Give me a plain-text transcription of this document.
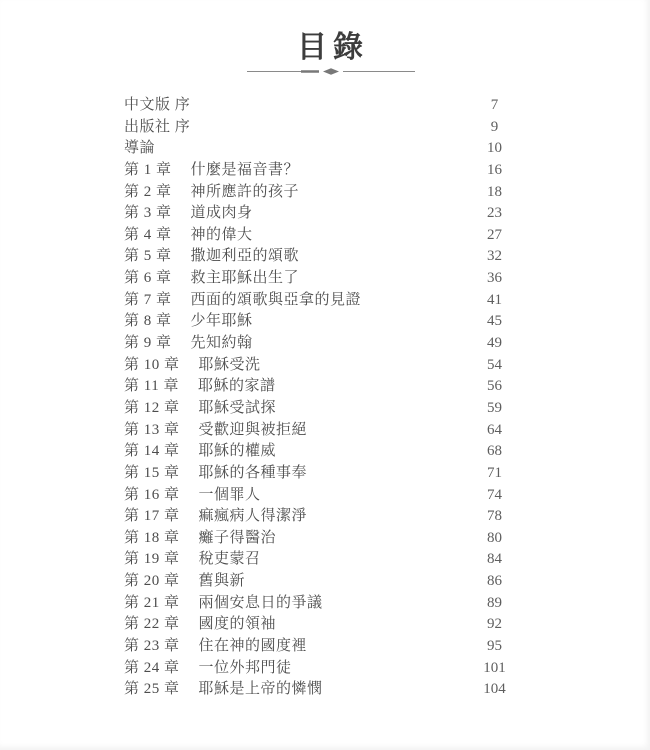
目錄
中文版 序	7
出版社 序	9
導論	10
第 1 章 什麼是福音書？	16
第 2 章 神所應許的孩子	18
第 3 章 道成肉身	23
第 4 章 神的偉大	27
第 5 章 撒迦利亞的頌歌	32
第 6 章 救主耶穌出生了	36
第 7 章 西面的頌歌與亞拿的見證	41
第 8 章 少年耶穌	45
第 9 章 先知約翰	49
第 10 章 耶穌受洗	54
第 11 章 耶穌的家譜	56
第 12 章 耶穌受試探	59
第 13 章 受歡迎與被拒絕	64
第 14 章 耶穌的權威	68
第 15 章 耶穌的各種事奉	71
第 16 章 一個罪人	74
第 17 章 痲瘋病人得潔淨	78
第 18 章 癱子得醫治	80
第 19 章 稅吏蒙召	84
第 20 章 舊與新	86
第 21 章 兩個安息日的爭議	89
第 22 章 國度的領袖	92
第 23 章 住在神的國度裡	95
第 24 章 一位外邦門徒	101
第 25 章 耶穌是上帝的憐憫	104
